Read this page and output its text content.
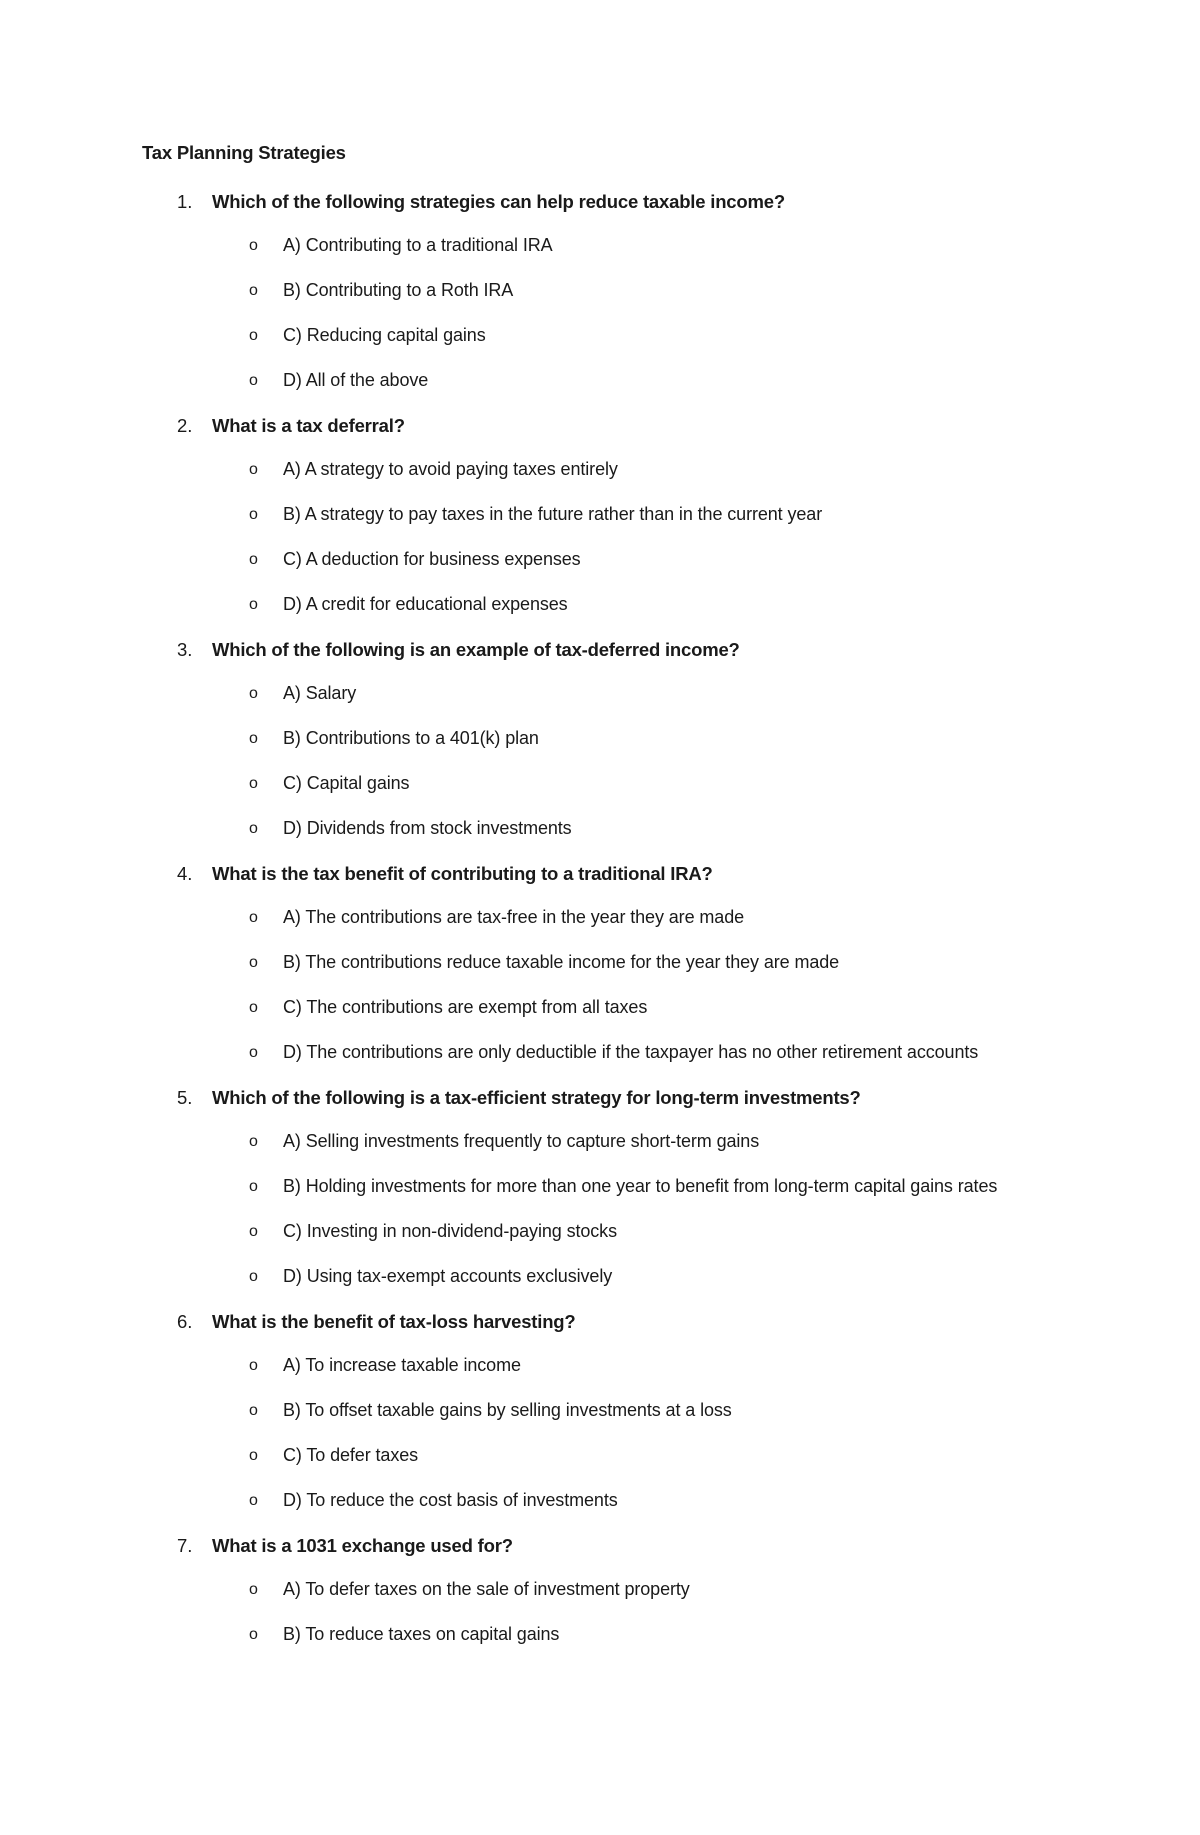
Tax Planning Strategies
1. Which of the following strategies can help reduce taxable income?
o A) Contributing to a traditional IRA
o B) Contributing to a Roth IRA
o C) Reducing capital gains
o D) All of the above
2. What is a tax deferral?
o A) A strategy to avoid paying taxes entirely
o B) A strategy to pay taxes in the future rather than in the current year
o C) A deduction for business expenses
o D) A credit for educational expenses
3. Which of the following is an example of tax-deferred income?
o A) Salary
o B) Contributions to a 401(k) plan
o C) Capital gains
o D) Dividends from stock investments
4. What is the tax benefit of contributing to a traditional IRA?
o A) The contributions are tax-free in the year they are made
o B) The contributions reduce taxable income for the year they are made
o C) The contributions are exempt from all taxes
o D) The contributions are only deductible if the taxpayer has no other retirement accounts
5. Which of the following is a tax-efficient strategy for long-term investments?
o A) Selling investments frequently to capture short-term gains
o B) Holding investments for more than one year to benefit from long-term capital gains rates
o C) Investing in non-dividend-paying stocks
o D) Using tax-exempt accounts exclusively
6. What is the benefit of tax-loss harvesting?
o A) To increase taxable income
o B) To offset taxable gains by selling investments at a loss
o C) To defer taxes
o D) To reduce the cost basis of investments
7. What is a 1031 exchange used for?
o A) To defer taxes on the sale of investment property
o B) To reduce taxes on capital gains
